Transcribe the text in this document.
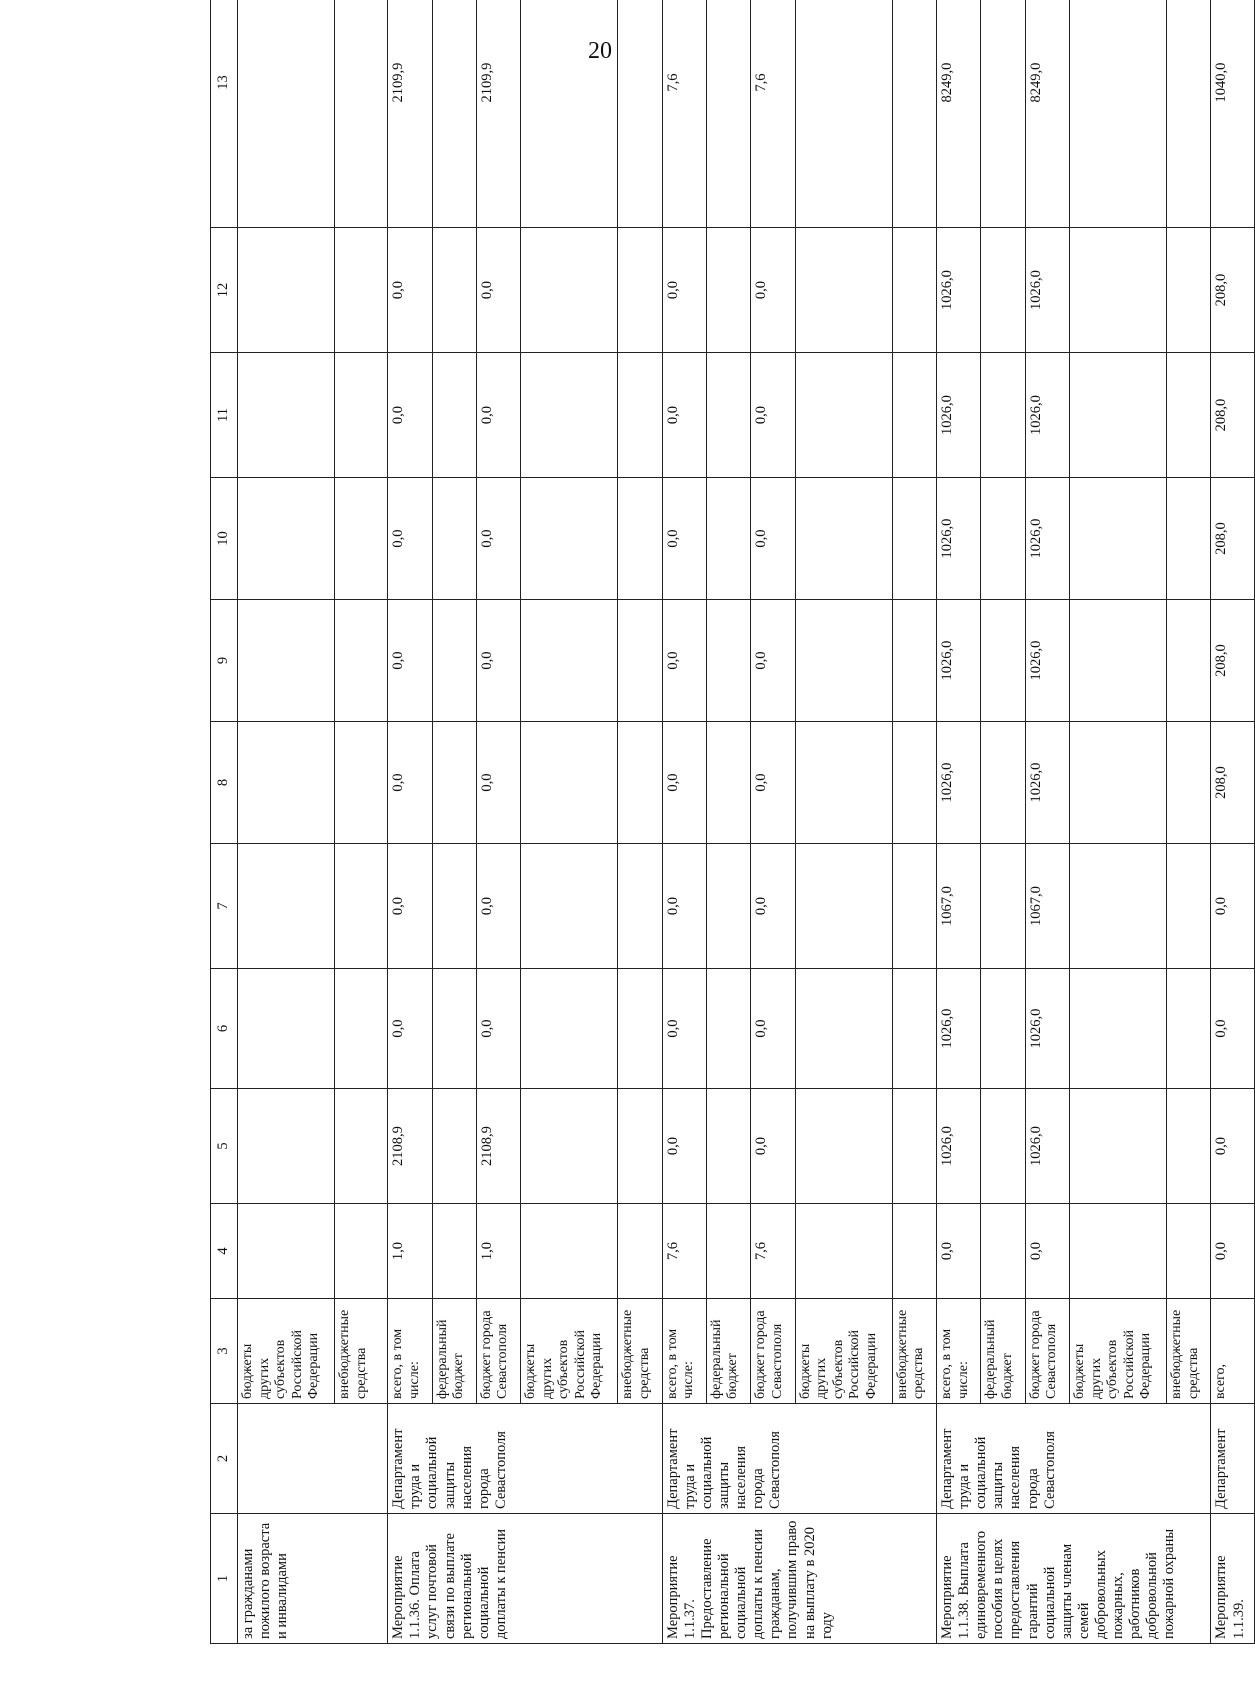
20
1	2	3	4	5	6	7	8	9	10	11	12	13
за гражданами пожилого возраста и инвалидами		бюджеты других субъектов Российской Федерации										
		внебюджетные средства										
Мероприятие 1.1.36. Оплата услуг почтовой связи по выплате региональной социальной доплаты к пенсии	Департамент труда и социальной защиты населения города Севастополя	всего, в том числе:	1,0	2108,9	0,0	0,0	0,0	0,0	0,0	0,0	0,0	2109,9
		федеральный бюджет										
		бюджет города Севастополя	1,0	2108,9	0,0	0,0	0,0	0,0	0,0	0,0	0,0	2109,9
		бюджеты других субъектов Российской Федерации										
		внебюджетные средства										
Мероприятие 1.1.37. Предоставление региональной социальной доплаты к пенсии гражданам, получившим право на выплату в 2020 году	Департамент труда и социальной защиты населения города Севастополя	всего, в том числе:	7,6	0,0	0,0	0,0	0,0	0,0	0,0	0,0	0,0	7,6
		федеральный бюджет										
		бюджет города Севастополя	7,6	0,0	0,0	0,0	0,0	0,0	0,0	0,0	0,0	7,6
		бюджеты других субъектов Российской Федерации										
		внебюджетные средства										
Мероприятие 1.1.38. Выплата единовременного пособия в целях предоставления гарантий социальной защиты членам семей добровольных пожарных, работников добровольной пожарной охраны	Департамент труда и социальной защиты населения города Севастополя	всего, в том числе:	0,0	1026,0	1026,0	1067,0	1026,0	1026,0	1026,0	1026,0	1026,0	8249,0
		федеральный бюджет										
		бюджет города Севастополя	0,0	1026,0	1026,0	1067,0	1026,0	1026,0	1026,0	1026,0	1026,0	8249,0
		бюджеты других субъектов Российской Федерации										
		внебюджетные средства										
Мероприятие 1.1.39.	Департамент	всего,	0,0	0,0	0,0	0,0	208,0	208,0	208,0	208,0	208,0	1040,0
